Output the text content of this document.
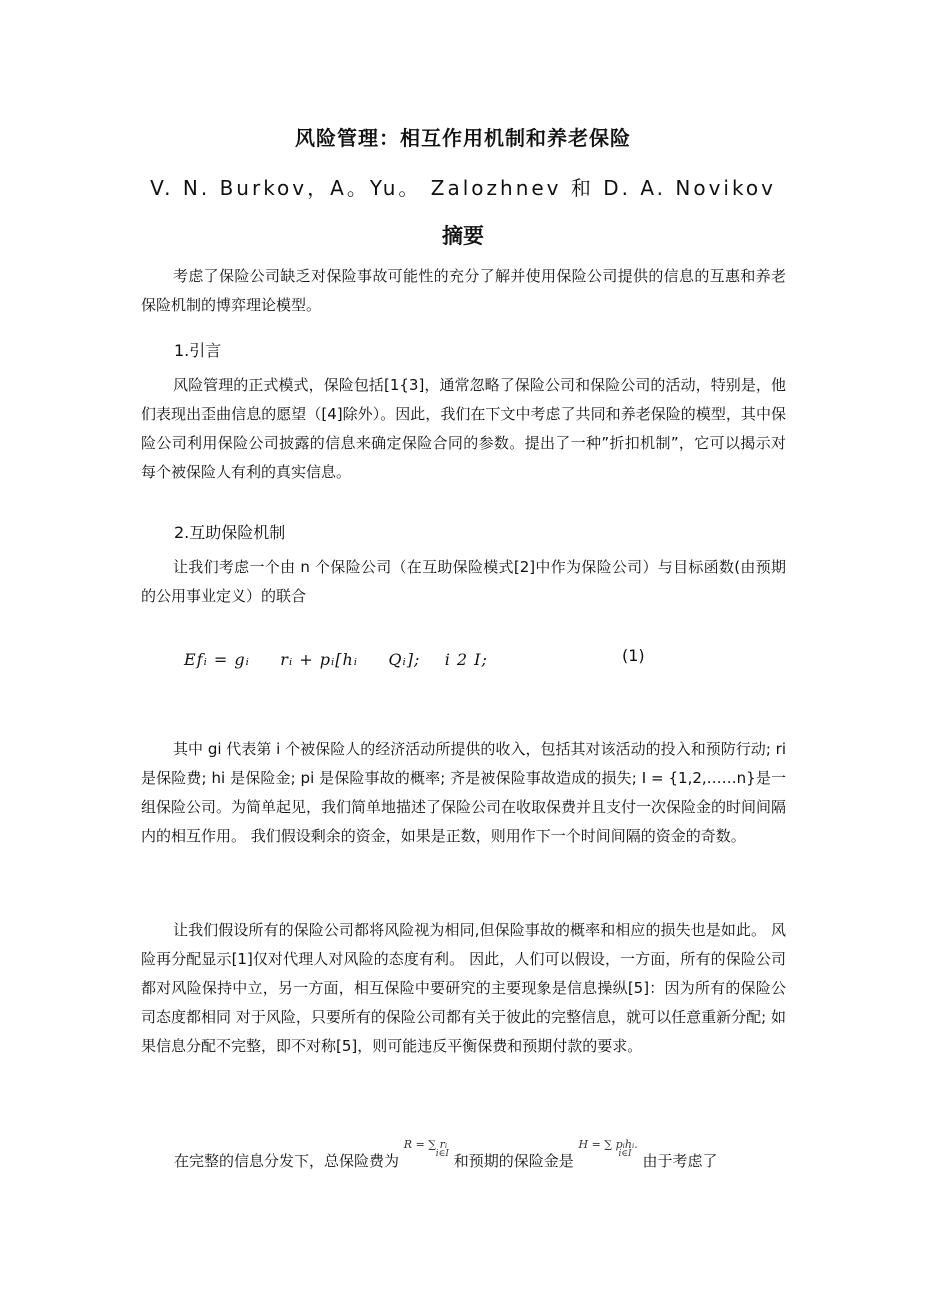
风险管理：相互作用机制和养老保险
V. N. Burkov，A。Yu。 Zalozhnev 和 D. A. Novikov
摘要
考虑了保险公司缺乏对保险事故可能性的充分了解并使用保险公司提供的信息的互惠和养老保险机制的博弈理论模型。
1.引言
风险管理的正式模式，保险包括[1{3]，通常忽略了保险公司和保险公司的活动，特别是，他们表现出歪曲信息的愿望（[4]除外）。因此，我们在下文中考虑了共同和养老保险的模型，其中保险公司利用保险公司披露的信息来确定保险合同的参数。提出了一种”折扣机制”，它可以揭示对每个被保险人有利的真实信息。
2.互助保险机制
让我们考虑一个由 n 个保险公司（在互助保险模式[2]中作为保险公司）与目标函数(由预期的公用事业定义）的联合
Efᵢ = gᵢ     rᵢ + pᵢ[hᵢ     Qᵢ];    i 2 I;	(1)
其中 gi 代表第 i 个被保险人的经济活动所提供的收入，包括其对该活动的投入和预防行动; ri 是保险费; hi 是保险金; pi 是保险事故的概率; 齐是被保险事故造成的损失; I = {1,2,……n}是一组保险公司。为简单起见，我们简单地描述了保险公司在收取保费并且支付一次保险金的时间间隔内的相互作用。 我们假设剩余的资金，如果是正数，则用作下一个时间间隔的资金的奇数。
让我们假设所有的保险公司都将风险视为相同,但保险事故的概率和相应的损失也是如此。 风险再分配显示[1]仅对代理人对风险的态度有利。 因此，人们可以假设，一方面，所有的保险公司都对风险保持中立，另一方面，相互保险中要研究的主要现象是信息操纵[5]：因为所有的保险公司态度都相同 对于风险，只要所有的保险公司都有关于彼此的完整信息，就可以任意重新分配; 如果信息分配不完整，即不对称[5]，则可能违反平衡保费和预期付款的要求。
在完整的信息分发下，总保险费为 R = ∑ rᵢ
i∈I 和预期的保险金是 H = ∑ pᵢhᵢ.
i∈I 由于考虑了
